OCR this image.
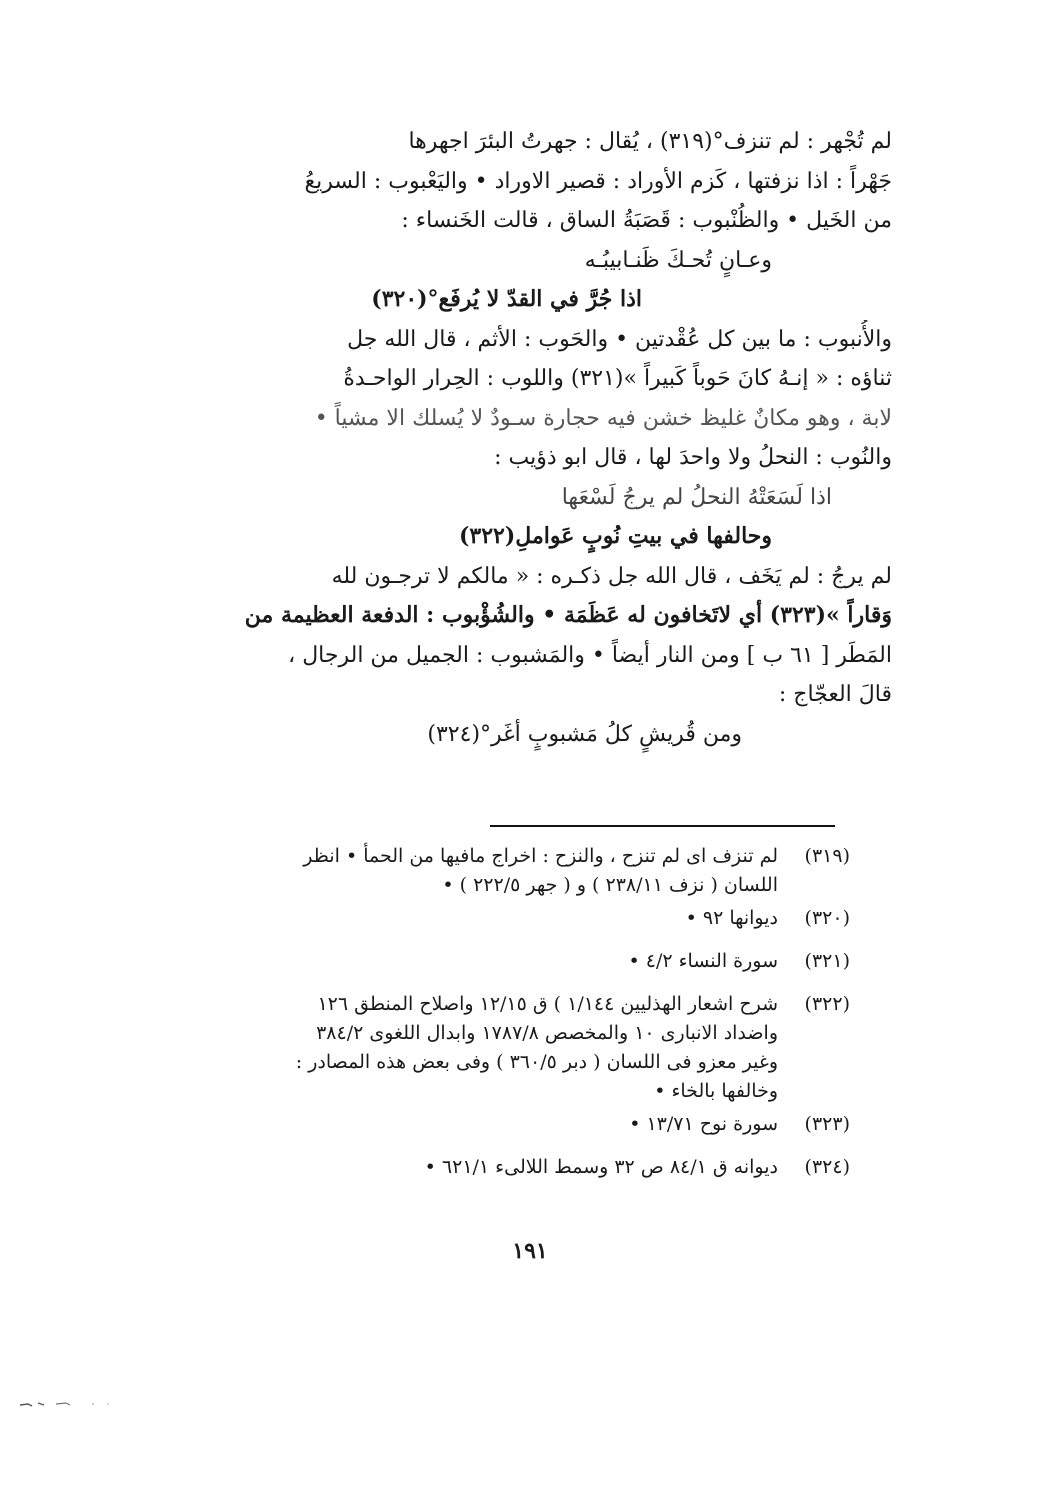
لم تُجْهر : لم تنزف°(٣١٩) ، يُقال : جهرتُ البئرَ اجهرها
جَهْراً : اذا نزفتها ، كَزم الأوراد : قصير الاوراد • واليَعْبوب : السريعُ
من الخَيل • والظُنْبوب : قَصَبَةُ الساق ، قالت الخَنساء :
وعـانٍ تُحـكَ ظَنـابيبُـه
اذا جُرَّ في القدّ لا يُرفَع°(٣٢٠)
والأُنبوب : ما بين كل عُقْدتين • والحَوب : الأثم ، قال الله جل
ثناؤه : « إنـهُ كانَ حَوباً كَبيراً »(٣٢١) واللوب : الحِرار الواحـدةُ
لابة ، وهو مكانٌ غليظ خشن فيه حجارة سـودٌ لا يُسلك الا مشياً •
والنُوب : النحلُ ولا واحدَ لها ، قال ابو ذؤيب :
اذا لَسَعَتْهُ النحلُ لم يرجُ لَسْعَها
وحالفها في بيتِ نُوبٍ عَواملِ(٣٢٢)
لم يرجُ : لم يَخَف ، قال الله جل ذكـره : « مالكم لا ترجـون لله
وَقاراً »(٣٢٣) أي لاتَخافون له عَظَمَة • والشُؤْبوب : الدفعة العظيمة من
المَطَر [ ٦١ ب ] ومن النار أيضاً • والمَشبوب : الجميل من الرجال ،
قالَ العجّاج :
ومن قُريشٍ كلُ مَشبوبٍ أغَر°(٣٢٤)
(٣١٩)
لم تنزف اى لم تنزح ، والنزح : اخراج مافيها من الحمأ • انظر
اللسان ( نزف ٢٣٨/١١ ) و ( جهر ٢٢٢/٥ ) •
(٣٢٠)
ديوانها ٩٢ •
(٣٢١)
سورة النساء ٤/٢ •
(٣٢٢)
شرح اشعار الهذليين ١/١٤٤ ) ق ١٢/١٥ واصلاح المنطق ١٢٦
واضداد الانبارى ١٠ والمخصص ١٧٨٧/٨ وابدال اللغوى ٣٨٤/٢
وغير معزو فى اللسان ( دبر ٣٦٠/٥ ) وفى بعض هذه المصادر :
وخالفها بالخاء •
(٣٢٣)
سورة نوح ١٣/٧١ •
(٣٢٤)
ديوانه ق ٨٤/١ ص ٣٢ وسمط اللالىء ٦٢١/١ •
١٩١
